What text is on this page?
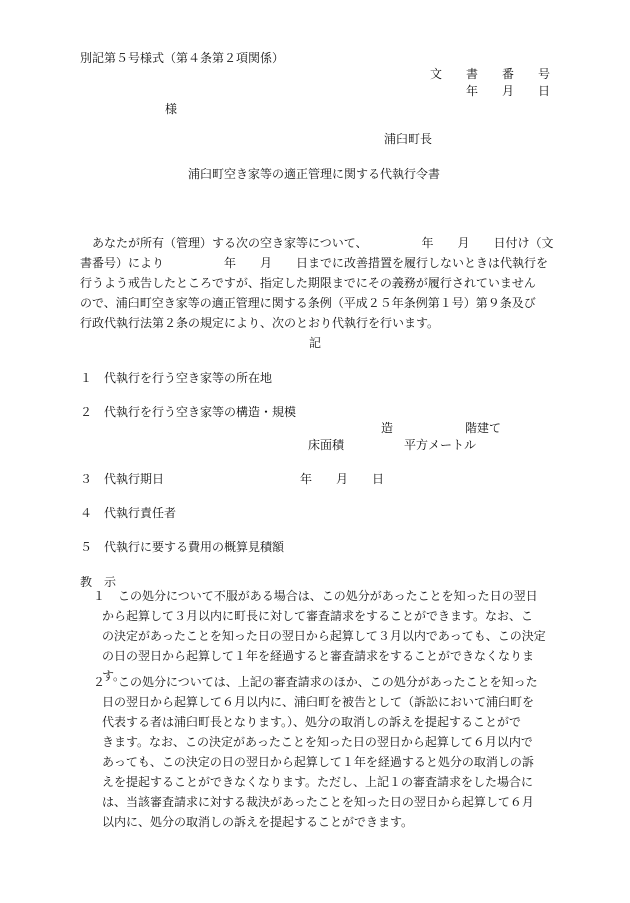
別記第５号様式（第４条第２項関係）
文　　書　　番　　号
年　　月　　日
様
浦臼町長
浦臼町空き家等の適正管理に関する代執行令書
　あなたが所有（管理）する次の空き家等について、　　　　　年　　月　　日付け（文
書番号）により　　　　　年　　月　　日までに改善措置を履行しないときは代執行を
行うよう戒告したところですが、指定した期限までにその義務が履行されていません
ので、浦臼町空き家等の適正管理に関する条例（平成２５年条例第１号）第９条及び
行政代執行法第２条の規定により、次のとおり代執行を行います。
記
１　代執行を行う空き家等の所在地
２　代執行を行う空き家等の構造・規模
造　　　　　　階建て
床面積　　　　　平方メートル
３　代執行期日	年　　月　　日
４　代執行責任者
５　代執行に要する費用の概算見積額
教　示
１	この処分について不服がある場合は、この処分があったことを知った日の翌日
から起算して３月以内に町長に対して審査請求をすることができます。なお、こ
の決定があったことを知った日の翌日から起算して３月以内であっても、この決定
の日の翌日から起算して１年を経過すると審査請求をすることができなくなりま
す。
２	この処分については、上記の審査請求のほか、この処分があったことを知った
日の翌日から起算して６月以内に、浦臼町を被告として（訴訟において浦臼町を
代表する者は浦臼町長となります。）、処分の取消しの訴えを提起することがで
きます。なお、この決定があったことを知った日の翌日から起算して６月以内で
あっても、この決定の日の翌日から起算して１年を経過すると処分の取消しの訴
えを提起することができなくなります。ただし、上記１の審査請求をした場合に
は、当該審査請求に対する裁決があったことを知った日の翌日から起算して６月
以内に、処分の取消しの訴えを提起することができます。
